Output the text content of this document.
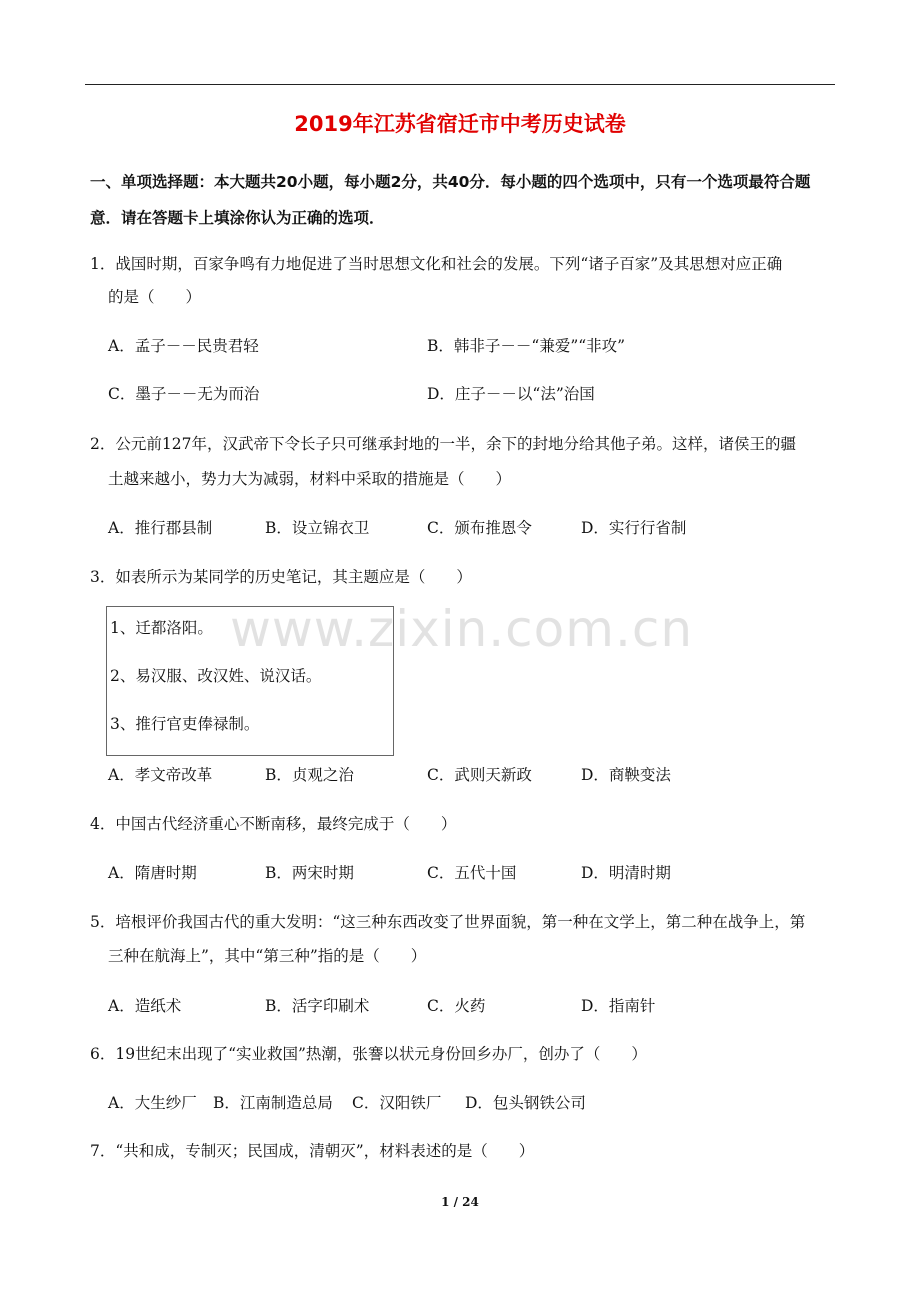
2019年江苏省宿迁市中考历史试卷
一、单项选择题：本大题共20小题，每小题2分，共40分．每小题的四个选项中，只有一个选项最符合题意．请在答题卡上填涂你认为正确的选项．
1．战国时期，百家争鸣有力地促进了当时思想文化和社会的发展。下列“诸子百家”及其思想对应正确
的是（　　）
A．孟子－－民贵君轻	B．韩非子－－“兼爱”“非攻”
C．墨子－－无为而治	D．庄子－－以“法”治国
2．公元前127年，汉武帝下令长子只可继承封地的一半，余下的封地分给其他子弟。这样，诸侯王的疆
土越来越小，势力大为减弱，材料中采取的措施是（　　）
A．推行郡县制	B．设立锦衣卫	C．颁布推恩令	D．实行行省制
3．如表所示为某同学的历史笔记，其主题应是（　　）
1、迁都洛阳。
2、易汉服、改汉姓、说汉话。
3、推行官吏俸禄制。
A．孝文帝改革	B．贞观之治	C．武则天新政	D．商鞅变法
4．中国古代经济重心不断南移，最终完成于（　　）
A．隋唐时期	B．两宋时期	C．五代十国	D．明清时期
5．培根评价我国古代的重大发明：“这三种东西改变了世界面貌，第一种在文学上，第二种在战争上，第
三种在航海上”，其中“第三种”指的是（　　）
A．造纸术	B．活字印刷术	C．火药	D．指南针
6．19世纪末出现了“实业救国”热潮，张謇以状元身份回乡办厂，创办了（　　）
A．大生纱厂 B．江南制造总局 C．汉阳铁厂 D．包头钢铁公司
7．“共和成，专制灭；民国成，清朝灭”，材料表述的是（　　）
www.zixin.com.cn
1 / 24
